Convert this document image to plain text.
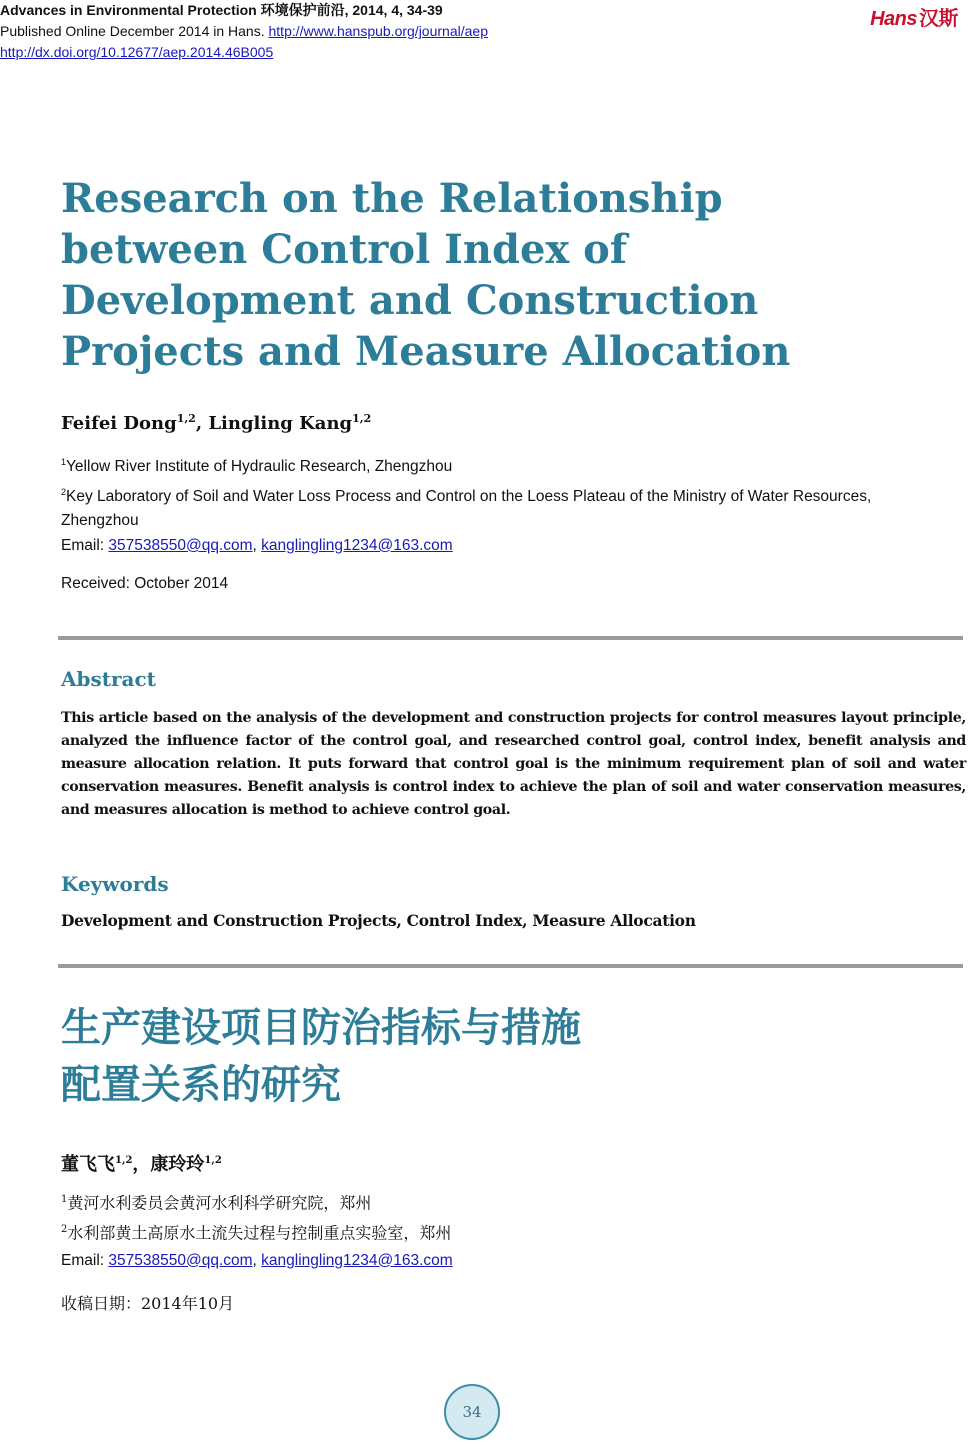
Advances in Environmental Protection 环境保护前沿, 2014, 4, 34-39
Published Online December 2014 in Hans. http://www.hanspub.org/journal/aep
http://dx.doi.org/10.12677/aep.2014.46B005
Hans 汉斯
Research on the Relationship between Control Index of Development and Construction Projects and Measure Allocation
Feifei Dong$^{1,2}$, Lingling Kang$^{1,2}$
$^1$Yellow River Institute of Hydraulic Research, Zhengzhou
$^2$Key Laboratory of Soil and Water Loss Process and Control on the Loess Plateau of the Ministry of Water Resources, Zhengzhou
Email: 357538550@qq.com, kanglingling1234@163.com
Received: October 2014
Abstract

This article based on the analysis of the development and construction projects for control measures layout principle, analyzed the influence factor of the control goal, and researched control goal, control index, benefit analysis and measure allocation relation. It puts forward that control goal is the minimum requirement plan of soil and water conservation measures. Benefit analysis is control index to achieve the plan of soil and water conservation measures, and measures allocation is method to achieve control goal.

Keywords
Development and Construction Projects, Control Index, Measure Allocation
生产建设项目防治指标与措施
配置关系的研究
董飞飞$^{1,2}$，康玲玲$^{1,2}$
$^1$黄河水利委员会黄河水利科学研究院，郑州
$^2$水利部黄土高原水土流失过程与控制重点实验室，郑州
Email: 357538550@qq.com, kanglingling1234@163.com
收稿日期：2014年10月
34
